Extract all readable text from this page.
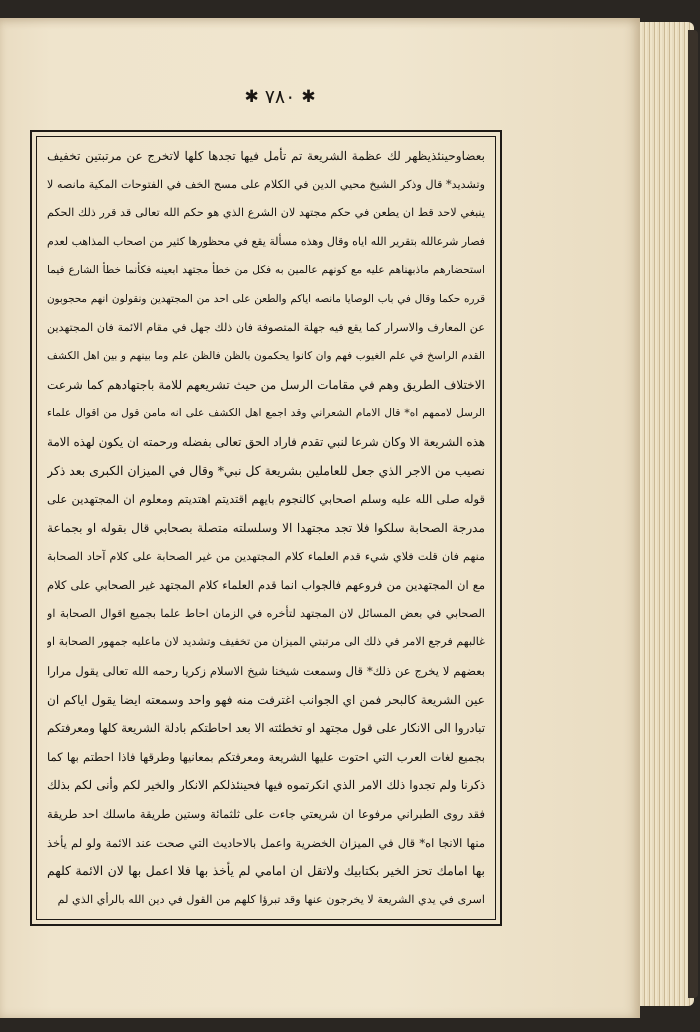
✱ ٧٨٠ ✱
بعضاوحينئذيظهر لك عظمة الشريعة تم تأمل فيها تجدها كلها لاتخرج عن مرتبتين تخفيف
وتشديد* قال وذكر الشيخ محيي الدين في الكلام على مسح الخف في الفتوحات المكية مانصه لا
ينبغي لاحد قط ان يطعن في حكم مجتهد لان الشرع الذي هو حكم الله تعالى قد قرر ذلك الحكم
فصار شرعالله بتقرير الله اياه وقال وهذه مسألة يقع في محظورها كثير من اصحاب المذاهب لعدم
استحضارهم ماذبهناهم عليه مع كونهم عالمين به فكل من خطأ مجتهد ابعينه فكأنما خطأ الشارع فيما
قرره حكما وقال في باب الوصايا مانصه اياكم والطعن على احد من المجتهدين ونقولون انهم محجوبون
عن المعارف والاسرار كما يقع فيه جهلة المتصوفة فان ذلك جهل في مقام الائمة فان المجتهدين
القدم الراسخ في علم الغيوب فهم وان كانوا يحكمون بالظن فالظن علم وما بينهم و بين اهل الكشف
الاختلاف الطريق وهم في مقامات الرسل من حيث تشريعهم للامة باجتهادهم كما شرعت
الرسل لاممهم اه* قال الامام الشعراني وقد اجمع اهل الكشف على انه مامن قول من اقوال علماء
هذه الشريعة الا وكان شرعا لنبي تقدم فاراد الحق تعالى بفضله ورحمته ان يكون لهذه الامة
نصيب من الاجر الذي جعل للعاملين بشريعة كل نبي* وقال في الميزان الكبرى بعد ذكر
قوله صلى الله عليه وسلم اصحابي كالنجوم بايهم اقتديتم اهتديتم ومعلوم ان المجتهدين على
مدرجة الصحابة سلكوا فلا تجد مجتهدا الا وسلسلته متصلة بصحابي قال بقوله او بجماعة
منهم فان قلت فلاي شيء قدم العلماء كلام المجتهدين من غير الصحابة على كلام آحاد الصحابة
مع ان المجتهدين من فروعهم فالجواب انما قدم العلماء كلام المجتهد غير الصحابي على كلام
الصحابي في بعض المسائل لان المجتهد لتأخره في الزمان احاط علما بجميع اقوال الصحابة او
غالبهم فرجع الامر في ذلك الى مرتبتي الميزان من تخفيف وتشديد لان ماعليه جمهور الصحابة او
بعضهم لا يخرج عن ذلك* قال وسمعت شيخنا شيخ الاسلام زكريا رحمه الله تعالى يقول مرارا
عين الشريعة كالبحر فمن اي الجوانب اغترفت منه فهو واحد وسمعته ايضا يقول اياكم ان
تبادروا الى الانكار على قول مجتهد او تخطئته الا بعد احاطتكم بادلة الشريعة كلها ومعرفتكم
بجميع لغات العرب التي احتوت عليها الشريعة ومعرفتكم بمعانيها وطرقها فاذا احطتم بها كما
ذكرنا ولم تجدوا ذلك الامر الذي انكرتموه فيها فحينئذلكم الانكار والخير لكم وأنى لكم بذلك
فقد روى الطبراني مرفوعا ان شريعتي جاءت على ثلثمائة وستين طريقة ماسلك احد طريقة
منها الانجا اه* قال في الميزان الخضرية واعمل بالاحاديث التي صحت عند الائمة ولو لم يأخذ
بها امامك تحز الخير بكتابيك ولاتقل ان امامي لم يأخذ بها فلا اعمل بها لان الائمة كلهم
اسرى في يدي الشريعة لا يخرجون عنها وقد تبرؤا كلهم من القول في دين الله بالرأي الذي لم
